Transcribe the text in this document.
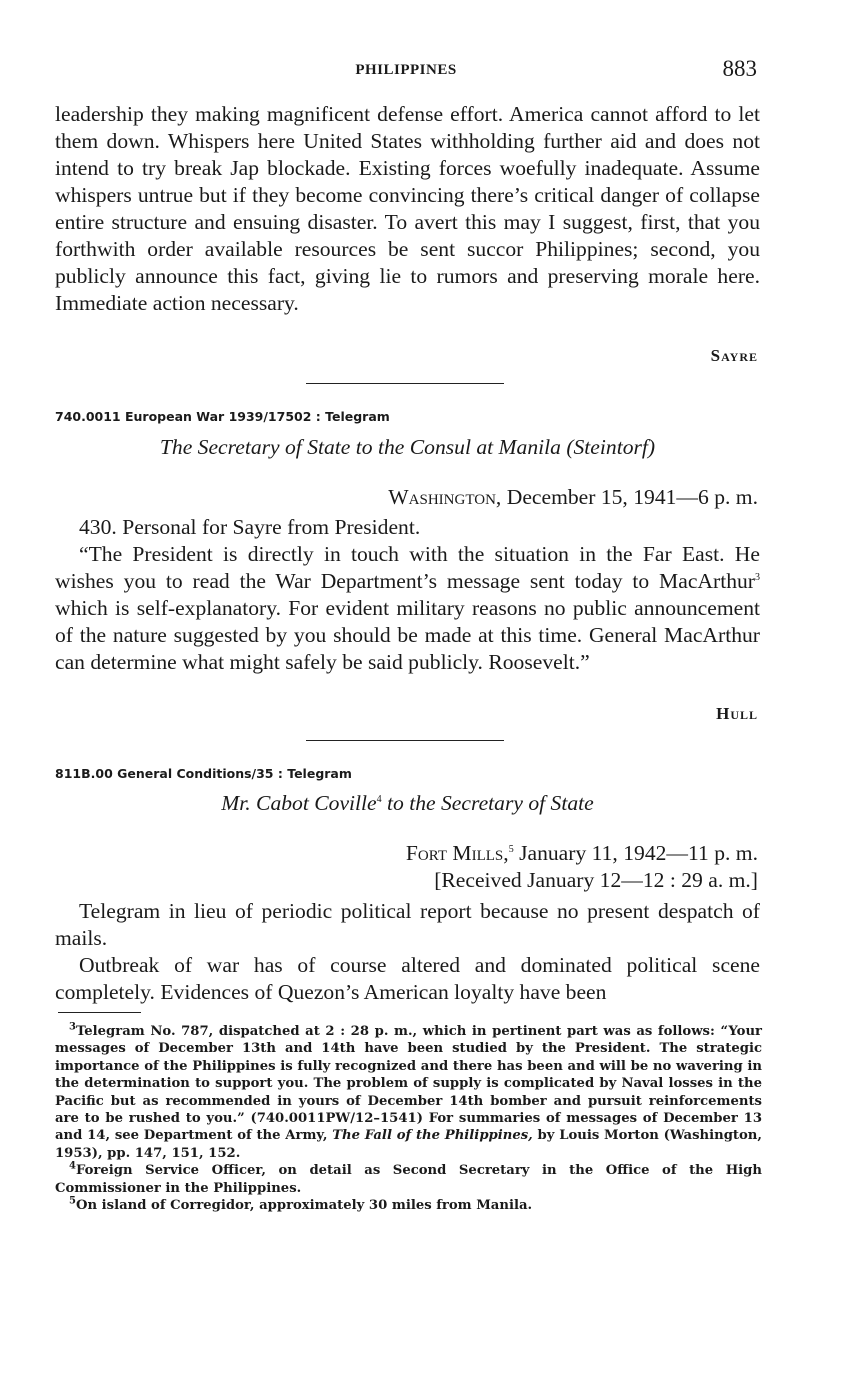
PHILIPPINES	883

leadership they making magnificent defense effort. America cannot afford to let them down. Whispers here United States withholding further aid and does not intend to try break Jap blockade. Existing forces woefully inadequate. Assume whispers untrue but if they become convincing there’s critical danger of collapse entire structure and ensuing disaster. To avert this may I suggest, first, that you forthwith order available resources be sent succor Philippines; second, you publicly announce this fact, giving lie to rumors and preserving morale here. Immediate action necessary.

Sayre
740.0011 European War 1939/17502 : Telegram
The Secretary of State to the Consul at Manila (Steintorf)
Washington, December 15, 1941—6 p. m.

430. Personal for Sayre from President.

“The President is directly in touch with the situation in the Far East. He wishes you to read the War Department’s message sent today to MacArthur$^3$ which is self-explanatory. For evident military reasons no public announcement of the nature suggested by you should be made at this time. General MacArthur can determine what might safely be said publicly. Roosevelt.”

Hull
811B.00 General Conditions/35 : Telegram
Mr. Cabot Coville$^4$ to the Secretary of State
Fort Mills,$^5$ January 11, 1942—11 p. m.
[Received January 12—12 : 29 a. m.]

Telegram in lieu of periodic political report because no present despatch of mails.

Outbreak of war has of course altered and dominated political scene completely. Evidences of Quezon’s American loyalty have been

$^3$Telegram No. 787, dispatched at 2 : 28 p. m., which in pertinent part was as follows: “Your messages of December 13th and 14th have been studied by the President. The strategic importance of the Philippines is fully recognized and there has been and will be no wavering in the determination to support you. The problem of supply is complicated by Naval losses in the Pacific but as recommended in yours of December 14th bomber and pursuit reinforcements are to be rushed to you.” (740.0011PW/12–1541) For summaries of messages of December 13 and 14, see Department of the Army, The Fall of the Philippines, by Louis Morton (Washington, 1953), pp. 147, 151, 152.

$^4$Foreign Service Officer, on detail as Second Secretary in the Office of the High Commissioner in the Philippines.

$^5$On island of Corregidor, approximately 30 miles from Manila.
